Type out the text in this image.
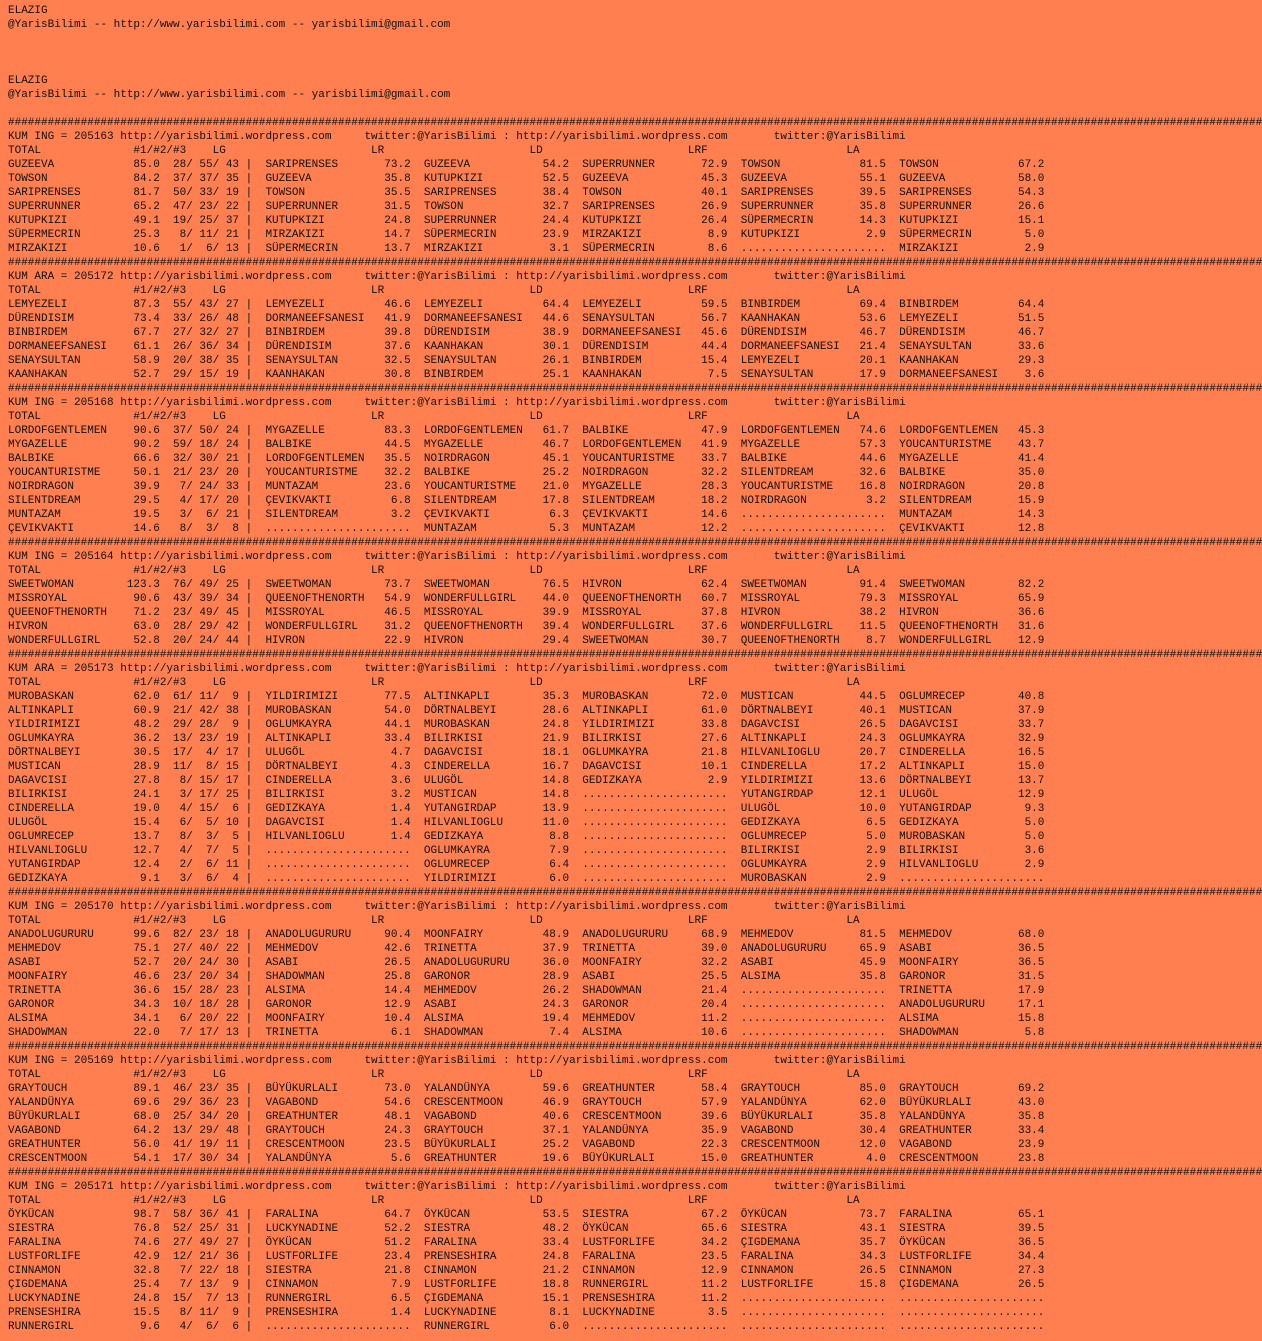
ELAZIG
@YarisBilimi -- http://www.yarisbilimi.com -- yarisbilimi@gmail.com
ELAZIG
@YarisBilimi -- http://www.yarisbilimi.com -- yarisbilimi@gmail.com
##############################################################################################################################################################################################
KUM ING = 205163 http://yarisbilimi.wordpress.com     twitter:@YarisBilimi : http://yarisbilimi.wordpress.com       twitter:@YarisBilimi
TOTAL              #1/#2/#3    LG                      LR                      LD                      LRF                     LA
GUZEEVA            85.0  28/ 55/ 43 |  SARIPRENSES       73.2  GUZEEVA           54.2  SUPERRUNNER       72.9  TOWSON            81.5  TOWSON            67.2
TOWSON             84.2  37/ 37/ 35 |  GUZEEVA           35.8  KUTUPKIZI         52.5  GUZEEVA           45.3  GUZEEVA           55.1  GUZEEVA           58.0
SARIPRENSES        81.7  50/ 33/ 19 |  TOWSON            35.5  SARIPRENSES       38.4  TOWSON            40.1  SARIPRENSES       39.5  SARIPRENSES       54.3
SUPERRUNNER        65.2  47/ 23/ 22 |  SUPERRUNNER       31.5  TOWSON            32.7  SARIPRENSES       26.9  SUPERRUNNER       35.8  SUPERRUNNER       26.6
KUTUPKIZI          49.1  19/ 25/ 37 |  KUTUPKIZI         24.8  SUPERRUNNER       24.4  KUTUPKIZI         26.4  SÜPERMECRIN       14.3  KUTUPKIZI         15.1
SÜPERMECRIN        25.3   8/ 11/ 21 |  MIRZAKIZI         14.7  SÜPERMECRIN       23.9  MIRZAKIZI          8.9  KUTUPKIZI          2.9  SÜPERMECRIN        5.0
MIRZAKIZI          10.6   1/  6/ 13 |  SÜPERMECRIN       13.7  MIRZAKIZI          3.1  SÜPERMECRIN        8.6  ......................  MIRZAKIZI          2.9
##############################################################################################################################################################################################
KUM ARA = 205172 http://yarisbilimi.wordpress.com     twitter:@YarisBilimi : http://yarisbilimi.wordpress.com       twitter:@YarisBilimi
TOTAL              #1/#2/#3    LG                      LR                      LD                      LRF                     LA
LEMYEZELI          87.3  55/ 43/ 27 |  LEMYEZELI         46.6  LEMYEZELI         64.4  LEMYEZELI         59.5  BINBIRDEM         69.4  BINBIRDEM         64.4
DÜRENDISIM         73.4  33/ 26/ 48 |  DORMANEEFSANESI   41.9  DORMANEEFSANESI   44.6  SENAYSULTAN       56.7  KAANHAKAN         53.6  LEMYEZELI         51.5
BINBIRDEM          67.7  27/ 32/ 27 |  BINBIRDEM         39.8  DÜRENDISIM        38.9  DORMANEEFSANESI   45.6  DÜRENDISIM        46.7  DÜRENDISIM        46.7
DORMANEEFSANESI    61.1  26/ 36/ 34 |  DÜRENDISIM        37.6  KAANHAKAN         30.1  DÜRENDISIM        44.4  DORMANEEFSANESI   21.4  SENAYSULTAN       33.6
SENAYSULTAN        58.9  20/ 38/ 35 |  SENAYSULTAN       32.5  SENAYSULTAN       26.1  BINBIRDEM         15.4  LEMYEZELI         20.1  KAANHAKAN         29.3
KAANHAKAN          52.7  29/ 15/ 19 |  KAANHAKAN         30.8  BINBIRDEM         25.1  KAANHAKAN          7.5  SENAYSULTAN       17.9  DORMANEEFSANESI    3.6
##############################################################################################################################################################################################
KUM ING = 205168 http://yarisbilimi.wordpress.com     twitter:@YarisBilimi : http://yarisbilimi.wordpress.com       twitter:@YarisBilimi
TOTAL              #1/#2/#3    LG                      LR                      LD                      LRF                     LA
LORDOFGENTLEMEN    90.6  37/ 50/ 24 |  MYGAZELLE         83.3  LORDOFGENTLEMEN   61.7  BALBIKE           47.9  LORDOFGENTLEMEN   74.6  LORDOFGENTLEMEN   45.3
MYGAZELLE          90.2  59/ 18/ 24 |  BALBIKE           44.5  MYGAZELLE         46.7  LORDOFGENTLEMEN   41.9  MYGAZELLE         57.3  YOUCANTURISTME    43.7
BALBIKE            66.6  32/ 30/ 21 |  LORDOFGENTLEMEN   35.5  NOIRDRAGON        45.1  YOUCANTURISTME    33.7  BALBIKE           44.6  MYGAZELLE         41.4
YOUCANTURISTME     50.1  21/ 23/ 20 |  YOUCANTURISTME    32.2  BALBIKE           25.2  NOIRDRAGON        32.2  SILENTDREAM       32.6  BALBIKE           35.0
NOIRDRAGON         39.9   7/ 24/ 33 |  MUNTAZAM          23.6  YOUCANTURISTME    21.0  MYGAZELLE         28.3  YOUCANTURISTME    16.8  NOIRDRAGON        20.8
SILENTDREAM        29.5   4/ 17/ 20 |  ÇEVIKVAKTI         6.8  SILENTDREAM       17.8  SILENTDREAM       18.2  NOIRDRAGON         3.2  SILENTDREAM       15.9
MUNTAZAM           19.5   3/  6/ 21 |  SILENTDREAM        3.2  ÇEVIKVAKTI         6.3  ÇEVIKVAKTI        14.6  ......................  MUNTAZAM          14.3
ÇEVIKVAKTI         14.6   8/  3/  8 |  ......................  MUNTAZAM           5.3  MUNTAZAM          12.2  ......................  ÇEVIKVAKTI        12.8
##############################################################################################################################################################################################
KUM ING = 205164 http://yarisbilimi.wordpress.com     twitter:@YarisBilimi : http://yarisbilimi.wordpress.com       twitter:@YarisBilimi
TOTAL              #1/#2/#3    LG                      LR                      LD                      LRF                     LA
SWEETWOMAN        123.3  76/ 49/ 25 |  SWEETWOMAN        73.7  SWEETWOMAN        76.5  HIVRON            62.4  SWEETWOMAN        91.4  SWEETWOMAN        82.2
MISSROYAL          90.6  43/ 39/ 34 |  QUEENOFTHENORTH   54.9  WONDERFULLGIRL    44.0  QUEENOFTHENORTH   60.7  MISSROYAL         79.3  MISSROYAL         65.9
QUEENOFTHENORTH    71.2  23/ 49/ 45 |  MISSROYAL         46.5  MISSROYAL         39.9  MISSROYAL         37.8  HIVRON            38.2  HIVRON            36.6
HIVRON             63.0  28/ 29/ 42 |  WONDERFULLGIRL    31.2  QUEENOFTHENORTH   39.4  WONDERFULLGIRL    37.6  WONDERFULLGIRL    11.5  QUEENOFTHENORTH   31.6
WONDERFULLGIRL     52.8  20/ 24/ 44 |  HIVRON            22.9  HIVRON            29.4  SWEETWOMAN        30.7  QUEENOFTHENORTH    8.7  WONDERFULLGIRL    12.9
##############################################################################################################################################################################################
KUM ARA = 205173 http://yarisbilimi.wordpress.com     twitter:@YarisBilimi : http://yarisbilimi.wordpress.com       twitter:@YarisBilimi
TOTAL              #1/#2/#3    LG                      LR                      LD                      LRF                     LA
MUROBASKAN         62.0  61/ 11/  9 |  YILDIRIMIZI       77.5  ALTINKAPLI        35.3  MUROBASKAN        72.0  MUSTICAN          44.5  OGLUMRECEP        40.8
ALTINKAPLI         60.9  21/ 42/ 38 |  MUROBASKAN        54.0  DÖRTNALBEYI       28.6  ALTINKAPLI        61.0  DÖRTNALBEYI       40.1  MUSTICAN          37.9
YILDIRIMIZI        48.2  29/ 28/  9 |  OGLUMKAYRA        44.1  MUROBASKAN        24.8  YILDIRIMIZI       33.8  DAGAVCISI         26.5  DAGAVCISI         33.7
OGLUMKAYRA         36.2  13/ 23/ 19 |  ALTINKAPLI        33.4  BILIRKISI         21.9  BILIRKISI         27.6  ALTINKAPLI        24.3  OGLUMKAYRA        32.9
DÖRTNALBEYI        30.5  17/  4/ 17 |  ULUGÖL             4.7  DAGAVCISI         18.1  OGLUMKAYRA        21.8  HILVANLIOGLU      20.7  CINDERELLA        16.5
MUSTICAN           28.9  11/  8/ 15 |  DÖRTNALBEYI        4.3  CINDERELLA        16.7  DAGAVCISI         10.1  CINDERELLA        17.2  ALTINKAPLI        15.0
DAGAVCISI          27.8   8/ 15/ 17 |  CINDERELLA         3.6  ULUGÖL            14.8  GEDIZKAYA          2.9  YILDIRIMIZI       13.6  DÖRTNALBEYI       13.7
BILIRKISI          24.1   3/ 17/ 25 |  BILIRKISI          3.2  MUSTICAN          14.8  ......................  YUTANGIRDAP       12.1  ULUGÖL            12.9
CINDERELLA         19.0   4/ 15/  6 |  GEDIZKAYA          1.4  YUTANGIRDAP       13.9  ......................  ULUGÖL            10.0  YUTANGIRDAP        9.3
ULUGÖL             15.4   6/  5/ 10 |  DAGAVCISI          1.4  HILVANLIOGLU      11.0  ......................  GEDIZKAYA          6.5  GEDIZKAYA          5.0
OGLUMRECEP         13.7   8/  3/  5 |  HILVANLIOGLU       1.4  GEDIZKAYA          8.8  ......................  OGLUMRECEP         5.0  MUROBASKAN         5.0
HILVANLIOGLU       12.7   4/  7/  5 |  ......................  OGLUMKAYRA         7.9  ......................  BILIRKISI          2.9  BILIRKISI          3.6
YUTANGIRDAP        12.4   2/  6/ 11 |  ......................  OGLUMRECEP         6.4  ......................  OGLUMKAYRA         2.9  HILVANLIOGLU       2.9
GEDIZKAYA           9.1   3/  6/  4 |  ......................  YILDIRIMIZI        6.0  ......................  MUROBASKAN         2.9  ......................
##############################################################################################################################################################################################
KUM ING = 205170 http://yarisbilimi.wordpress.com     twitter:@YarisBilimi : http://yarisbilimi.wordpress.com       twitter:@YarisBilimi
TOTAL              #1/#2/#3    LG                      LR                      LD                      LRF                     LA
ANADOLUGURURU      99.6  82/ 23/ 18 |  ANADOLUGURURU     90.4  MOONFAIRY         48.9  ANADOLUGURURU     68.9  MEHMEDOV          81.5  MEHMEDOV          68.0
MEHMEDOV           75.1  27/ 40/ 22 |  MEHMEDOV          42.6  TRINETTA          37.9  TRINETTA          39.0  ANADOLUGURURU     65.9  ASABI             36.5
ASABI              52.7  20/ 24/ 30 |  ASABI             26.5  ANADOLUGURURU     36.0  MOONFAIRY         32.2  ASABI             45.9  MOONFAIRY         36.5
MOONFAIRY          46.6  23/ 20/ 34 |  SHADOWMAN         25.8  GARONOR           28.9  ASABI             25.5  ALSIMA            35.8  GARONOR           31.5
TRINETTA           36.6  15/ 28/ 23 |  ALSIMA            14.4  MEHMEDOV          26.2  SHADOWMAN         21.4  ......................  TRINETTA          17.9
GARONOR            34.3  10/ 18/ 28 |  GARONOR           12.9  ASABI             24.3  GARONOR           20.4  ......................  ANADOLUGURURU     17.1
ALSIMA             34.1   6/ 20/ 22 |  MOONFAIRY         10.4  ALSIMA            19.4  MEHMEDOV          11.2  ......................  ALSIMA            15.8
SHADOWMAN          22.0   7/ 17/ 13 |  TRINETTA           6.1  SHADOWMAN          7.4  ALSIMA            10.6  ......................  SHADOWMAN          5.8
##############################################################################################################################################################################################
KUM ING = 205169 http://yarisbilimi.wordpress.com     twitter:@YarisBilimi : http://yarisbilimi.wordpress.com       twitter:@YarisBilimi
TOTAL              #1/#2/#3    LG                      LR                      LD                      LRF                     LA
GRAYTOUCH          89.1  46/ 23/ 35 |  BÜYÜKURLALI       73.0  YALANDÜNYA        59.6  GREATHUNTER       58.4  GRAYTOUCH         85.0  GRAYTOUCH         69.2
YALANDÜNYA         69.6  29/ 36/ 23 |  VAGABOND          54.6  CRESCENTMOON      46.9  GRAYTOUCH         57.9  YALANDÜNYA        62.0  BÜYÜKURLALI       43.0
BÜYÜKURLALI        68.0  25/ 34/ 20 |  GREATHUNTER       48.1  VAGABOND          40.6  CRESCENTMOON      39.6  BÜYÜKURLALI       35.8  YALANDÜNYA        35.8
VAGABOND           64.2  13/ 29/ 48 |  GRAYTOUCH         24.3  GRAYTOUCH         37.1  YALANDÜNYA        35.9  VAGABOND          30.4  GREATHUNTER       33.4
GREATHUNTER        56.0  41/ 19/ 11 |  CRESCENTMOON      23.5  BÜYÜKURLALI       25.2  VAGABOND          22.3  CRESCENTMOON      12.0  VAGABOND          23.9
CRESCENTMOON       54.1  17/ 30/ 34 |  YALANDÜNYA         5.6  GREATHUNTER       19.6  BÜYÜKURLALI       15.0  GREATHUNTER        4.0  CRESCENTMOON      23.8
##############################################################################################################################################################################################
KUM ING = 205171 http://yarisbilimi.wordpress.com     twitter:@YarisBilimi : http://yarisbilimi.wordpress.com       twitter:@YarisBilimi
TOTAL              #1/#2/#3    LG                      LR                      LD                      LRF                     LA
ÖYKÜCAN            98.7  58/ 36/ 41 |  FARALINA          64.7  ÖYKÜCAN           53.5  SIESTRA           67.2  ÖYKÜCAN           73.7  FARALINA          65.1
SIESTRA            76.8  52/ 25/ 31 |  LUCKYNADINE       52.2  SIESTRA           48.2  ÖYKÜCAN           65.6  SIESTRA           43.1  SIESTRA           39.5
FARALINA           74.6  27/ 49/ 27 |  ÖYKÜCAN           51.2  FARALINA          33.4  LUSTFORLIFE       34.2  ÇIGDEMANA         35.7  ÖYKÜCAN           36.5
LUSTFORLIFE        42.9  12/ 21/ 36 |  LUSTFORLIFE       23.4  PRENSESHIRA       24.8  FARALINA          23.5  FARALINA          34.3  LUSTFORLIFE       34.4
CINNAMON           32.8   7/ 22/ 18 |  SIESTRA           21.8  CINNAMON          21.2  CINNAMON          12.9  CINNAMON          26.5  CINNAMON          27.3
ÇIGDEMANA          25.4   7/ 13/  9 |  CINNAMON           7.9  LUSTFORLIFE       18.8  RUNNERGIRL        11.2  LUSTFORLIFE       15.8  ÇIGDEMANA         26.5
LUCKYNADINE        24.8  15/  7/ 13 |  RUNNERGIRL         6.5  ÇIGDEMANA         15.1  PRENSESHIRA       11.2  ......................  ......................
PRENSESHIRA        15.5   8/ 11/  9 |  PRENSESHIRA        1.4  LUCKYNADINE        8.1  LUCKYNADINE        3.5  ......................  ......................
RUNNERGIRL          9.6   4/  6/  6 |  ......................  RUNNERGIRL         6.0  ......................  ......................  ......................
